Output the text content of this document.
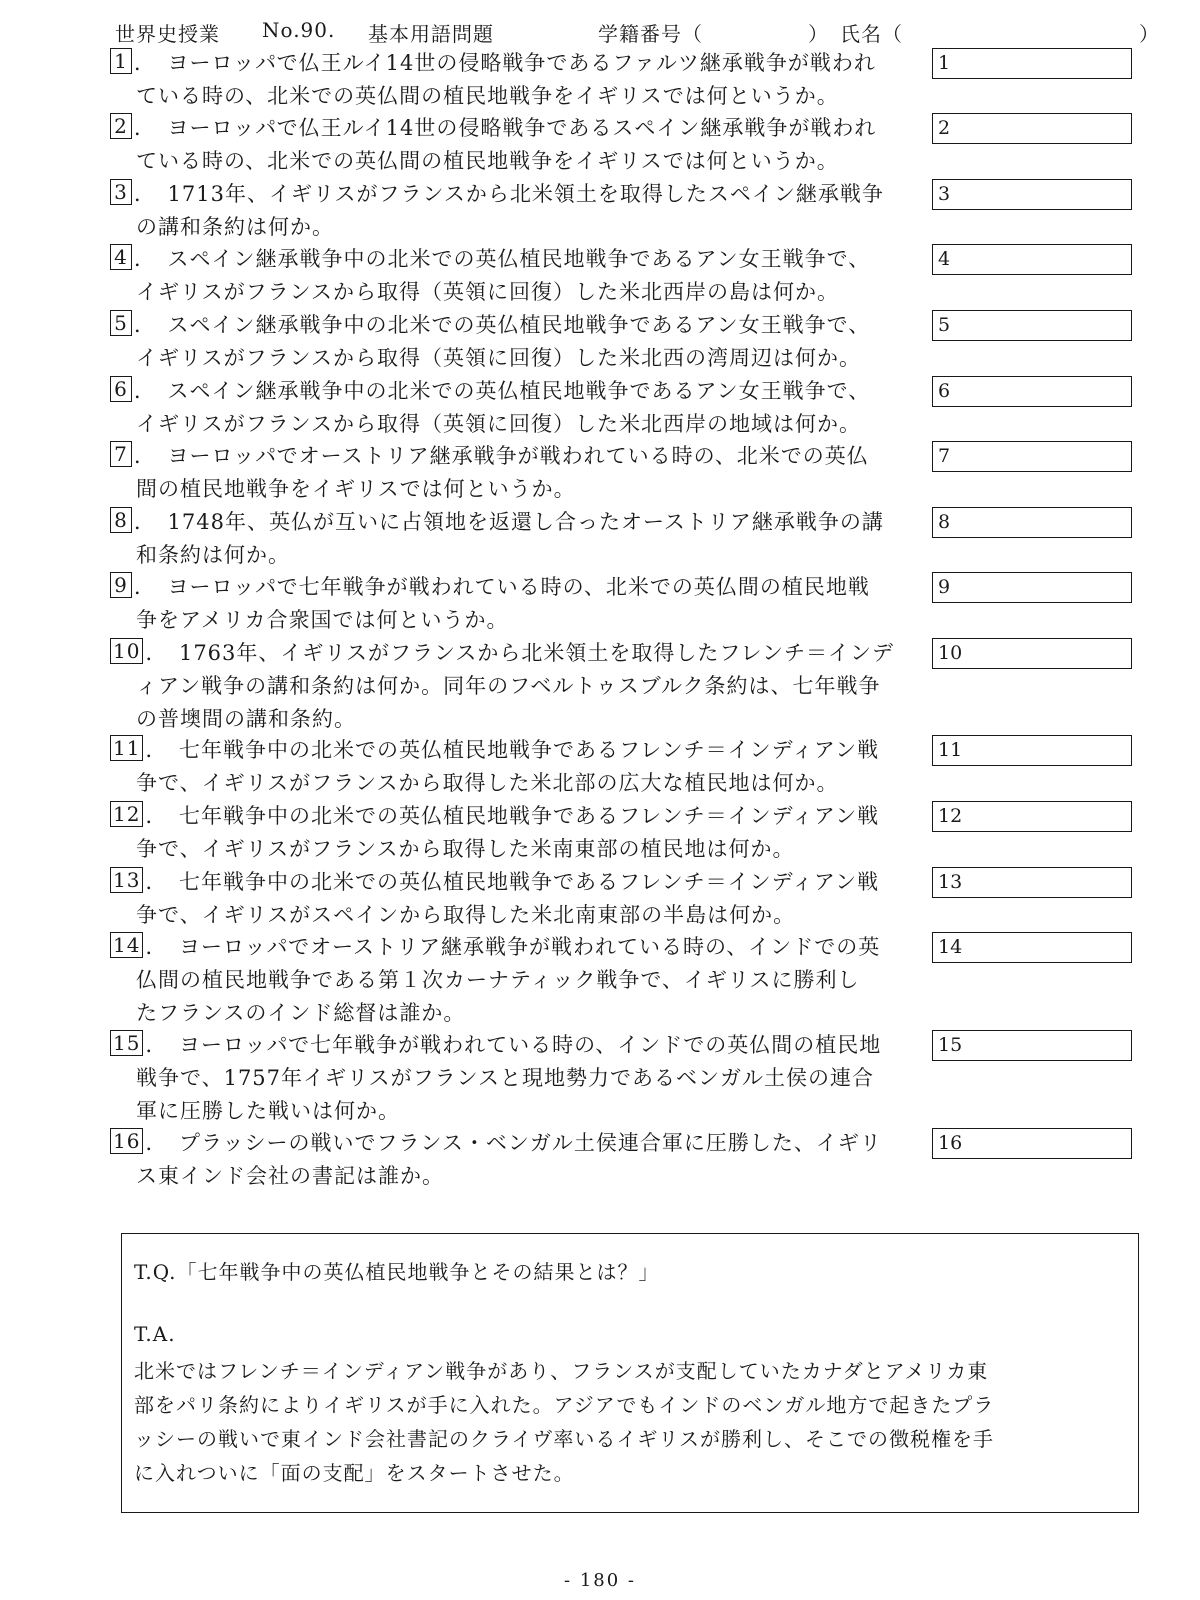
世界史授業 No.90. 基本用語問題	学籍番号（　　　　　） 氏名（	）
1 ．　ヨーロッパで仏王ルイ14世の侵略戦争であるファルツ継承戦争が戦われ
ている時の、北米での英仏間の植民地戦争をイギリスでは何というか。
1
2 ．　ヨーロッパで仏王ルイ14世の侵略戦争であるスペイン継承戦争が戦われ
ている時の、北米での英仏間の植民地戦争をイギリスでは何というか。
2
3 ．　1713年、イギリスがフランスから北米領土を取得したスペイン継承戦争
の講和条約は何か。
3
4 ．　スペイン継承戦争中の北米での英仏植民地戦争であるアン女王戦争で、
イギリスがフランスから取得（英領に回復）した米北西岸の島は何か。
4
5 ．　スペイン継承戦争中の北米での英仏植民地戦争であるアン女王戦争で、
イギリスがフランスから取得（英領に回復）した米北西の湾周辺は何か。
5
6 ．　スペイン継承戦争中の北米での英仏植民地戦争であるアン女王戦争で、
イギリスがフランスから取得（英領に回復）した米北西岸の地域は何か。
6
7 ．　ヨーロッパでオーストリア継承戦争が戦われている時の、北米での英仏
間の植民地戦争をイギリスでは何というか。
7
8 ．　1748年、英仏が互いに占領地を返還し合ったオーストリア継承戦争の講
和条約は何か。
8
9 ．　ヨーロッパで七年戦争が戦われている時の、北米での英仏間の植民地戦
争をアメリカ合衆国では何というか。
9
10 ．　1763年、イギリスがフランスから北米領土を取得したフレンチ＝インデ
ィアン戦争の講和条約は何か。同年のフベルトゥスブルク条約は、七年戦争
の普墺間の講和条約。
10
11 ．　七年戦争中の北米での英仏植民地戦争であるフレンチ＝インディアン戦
争で、イギリスがフランスから取得した米北部の広大な植民地は何か。
11
12 ．　七年戦争中の北米での英仏植民地戦争であるフレンチ＝インディアン戦
争で、イギリスがフランスから取得した米南東部の植民地は何か。
12
13 ．　七年戦争中の北米での英仏植民地戦争であるフレンチ＝インディアン戦
争で、イギリスがスペインから取得した米北南東部の半島は何か。
13
14 ．　ヨーロッパでオーストリア継承戦争が戦われている時の、インドでの英
仏間の植民地戦争である第１次カーナティック戦争で、イギリスに勝利し
たフランスのインド総督は誰か。
14
15 ．　ヨーロッパで七年戦争が戦われている時の、インドでの英仏間の植民地
戦争で、1757年イギリスがフランスと現地勢力であるベンガル土侯の連合
軍に圧勝した戦いは何か。
15
16 ．　プラッシーの戦いでフランス・ベンガル土侯連合軍に圧勝した、イギリ
ス東インド会社の書記は誰か。
16
T.Q.「七年戦争中の英仏植民地戦争とその結果とは？」
T.A.
北米ではフレンチ＝インディアン戦争があり、フランスが支配していたカナダとアメリカ東
部をパリ条約によりイギリスが手に入れた。アジアでもインドのベンガル地方で起きたプラ
ッシーの戦いで東インド会社書記のクライヴ率いるイギリスが勝利し、そこでの徴税権を手
に入れついに「面の支配」をスタートさせた。
- 180 -
